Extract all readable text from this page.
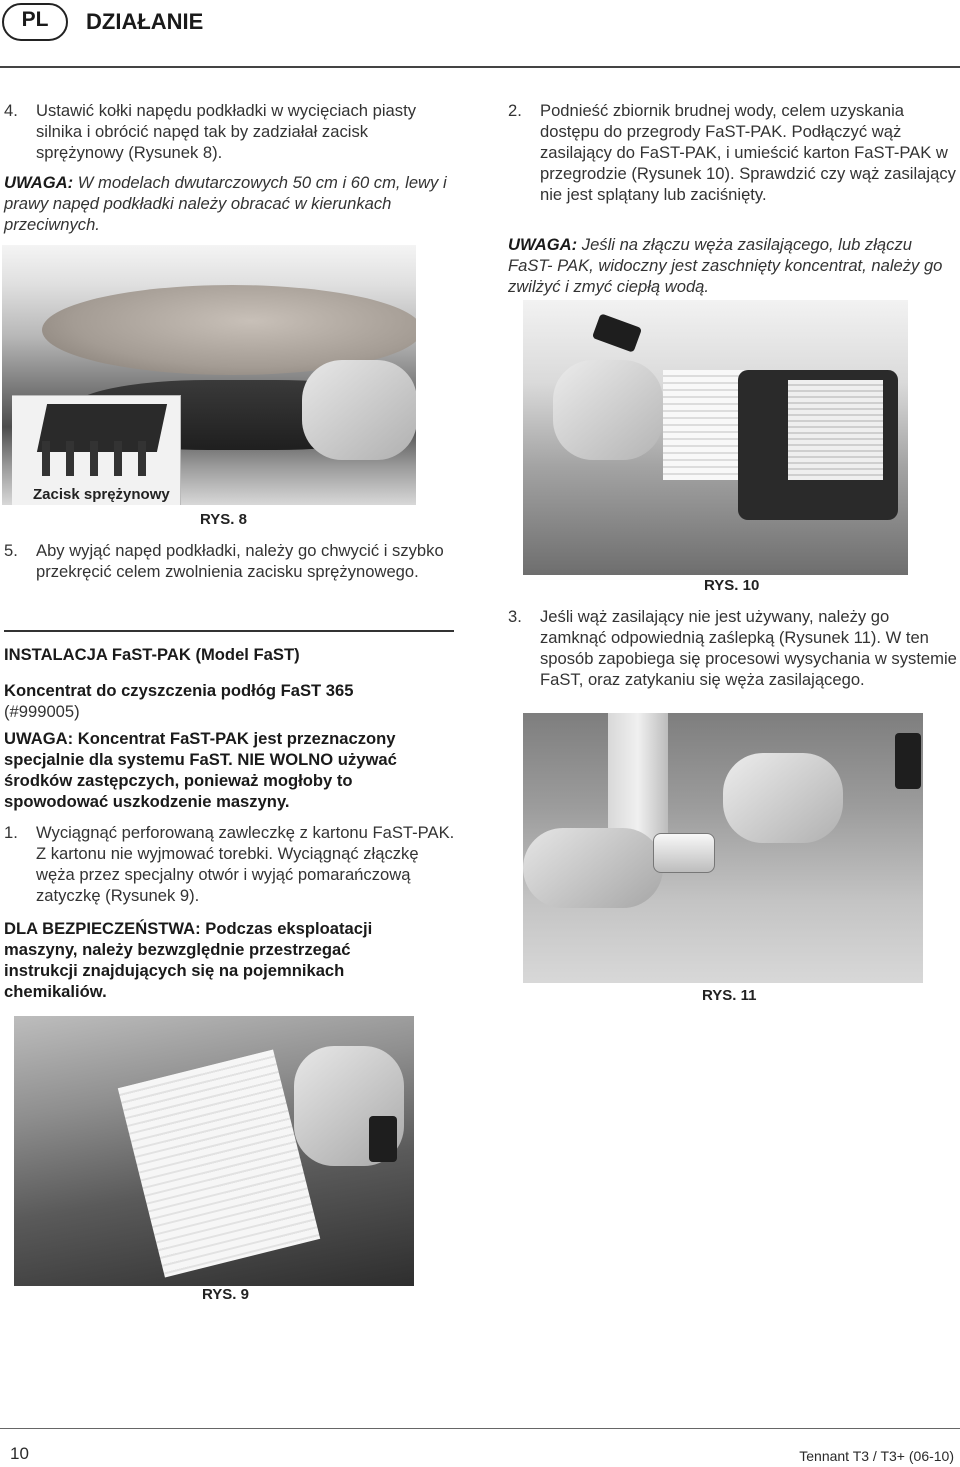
PL	DZIAŁANIE
4. Ustawić kołki napędu podkładki w wycięciach piasty silnika i obrócić napęd tak by zadziałał zacisk sprężynowy (Rysunek 8).
UWAGA: W modelach dwutarczowych 50 cm i 60 cm, lewy i prawy napęd podkładki należy obracać w kierunkach przeciwnych.
Zacisk sprężynowy
RYS. 8
5. Aby wyjąć napęd podkładki, należy go chwycić i szybko przekręcić celem zwolnienia zacisku sprężynowego.
INSTALACJA FaST-PAK (Model FaST)
Koncentrat do czyszczenia podłóg FaST 365
(#999005)
UWAGA: Koncentrat FaST-PAK jest przeznaczony specjalnie dla systemu FaST. NIE WOLNO używać środków zastępczych, ponieważ mogłoby to spowodować uszkodzenie maszyny.
1. Wyciągnąć perforowaną zawleczkę z kartonu FaST-PAK. Z kartonu nie wyjmować torebki. Wyciągnąć złączkę węża przez specjalny otwór i wyjąć pomarańczową zatyczkę (Rysunek 9).
DLA BEZPIECZEŃSTWA: Podczas eksploatacji maszyny, należy bezwzględnie przestrzegać instrukcji znajdujących się na pojemnikach chemikaliów.
RYS. 9
2. Podnieść zbiornik brudnej wody, celem uzyskania dostępu do przegrody FaST-PAK. Podłączyć wąż zasilający do FaST-PAK, i umieścić karton FaST-PAK w przegrodzie (Rysunek 10). Sprawdzić czy wąż zasilający nie jest splątany lub zaciśnięty.
UWAGA: Jeśli na złączu węża zasilającego, lub złączu FaST- PAK, widoczny jest zaschnięty koncentrat, należy go zwilżyć i zmyć ciepłą wodą.
RYS. 10
3. Jeśli wąż zasilający nie jest używany, należy go zamknąć odpowiednią zaślepką (Rysunek 11). W ten sposób zapobiega się procesowi wysychania w systemie FaST, oraz zatykaniu się węża zasilającego.
RYS. 11
10	Tennant T3 / T3+ (06-10)
